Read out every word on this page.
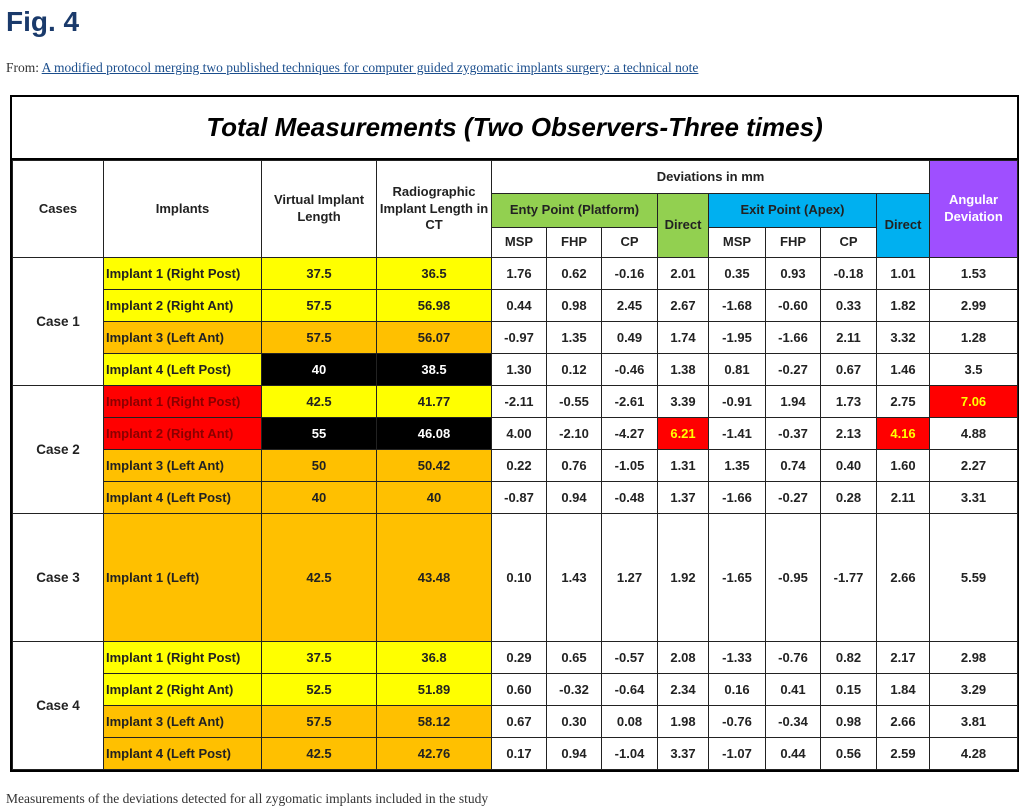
Fig. 4
From: A modified protocol merging two published techniques for computer guided zygomatic implants surgery: a technical note
Total Measurements (Two Observers-Three times)
Cases	Implants	Virtual Implant Length	Radiographic Implant Length in CT	Deviations in mm								Angular Deviation
				Enty Point (Platform)			Direct	Exit Point (Apex)			Direct	
				MSP	FHP	CP		MSP	FHP	CP		
Case 1	Implant 1 (Right Post)	37.5	36.5	1.76	0.62	-0.16	2.01	0.35	0.93	-0.18	1.01	1.53
	Implant 2 (Right Ant)	57.5	56.98	0.44	0.98	2.45	2.67	-1.68	-0.60	0.33	1.82	2.99
	Implant 3 (Left Ant)	57.5	56.07	-0.97	1.35	0.49	1.74	-1.95	-1.66	2.11	3.32	1.28
	Implant 4 (Left Post)	40	38.5	1.30	0.12	-0.46	1.38	0.81	-0.27	0.67	1.46	3.5
Case 2	Implant 1 (Right Post)	42.5	41.77	-2.11	-0.55	-2.61	3.39	-0.91	1.94	1.73	2.75	7.06
	Implant 2 (Right Ant)	55	46.08	4.00	-2.10	-4.27	6.21	-1.41	-0.37	2.13	4.16	4.88
	Implant 3 (Left Ant)	50	50.42	0.22	0.76	-1.05	1.31	1.35	0.74	0.40	1.60	2.27
	Implant 4 (Left Post)	40	40	-0.87	0.94	-0.48	1.37	-1.66	-0.27	0.28	2.11	3.31
Case 3	Implant 1 (Left)	42.5	43.48	0.10	1.43	1.27	1.92	-1.65	-0.95	-1.77	2.66	5.59
Case 4	Implant 1 (Right Post)	37.5	36.8	0.29	0.65	-0.57	2.08	-1.33	-0.76	0.82	2.17	2.98
	Implant 2 (Right Ant)	52.5	51.89	0.60	-0.32	-0.64	2.34	0.16	0.41	0.15	1.84	3.29
	Implant 3 (Left Ant)	57.5	58.12	0.67	0.30	0.08	1.98	-0.76	-0.34	0.98	2.66	3.81
	Implant 4 (Left Post)	42.5	42.76	0.17	0.94	-1.04	3.37	-1.07	0.44	0.56	2.59	4.28
Measurements of the deviations detected for all zygomatic implants included in the study
